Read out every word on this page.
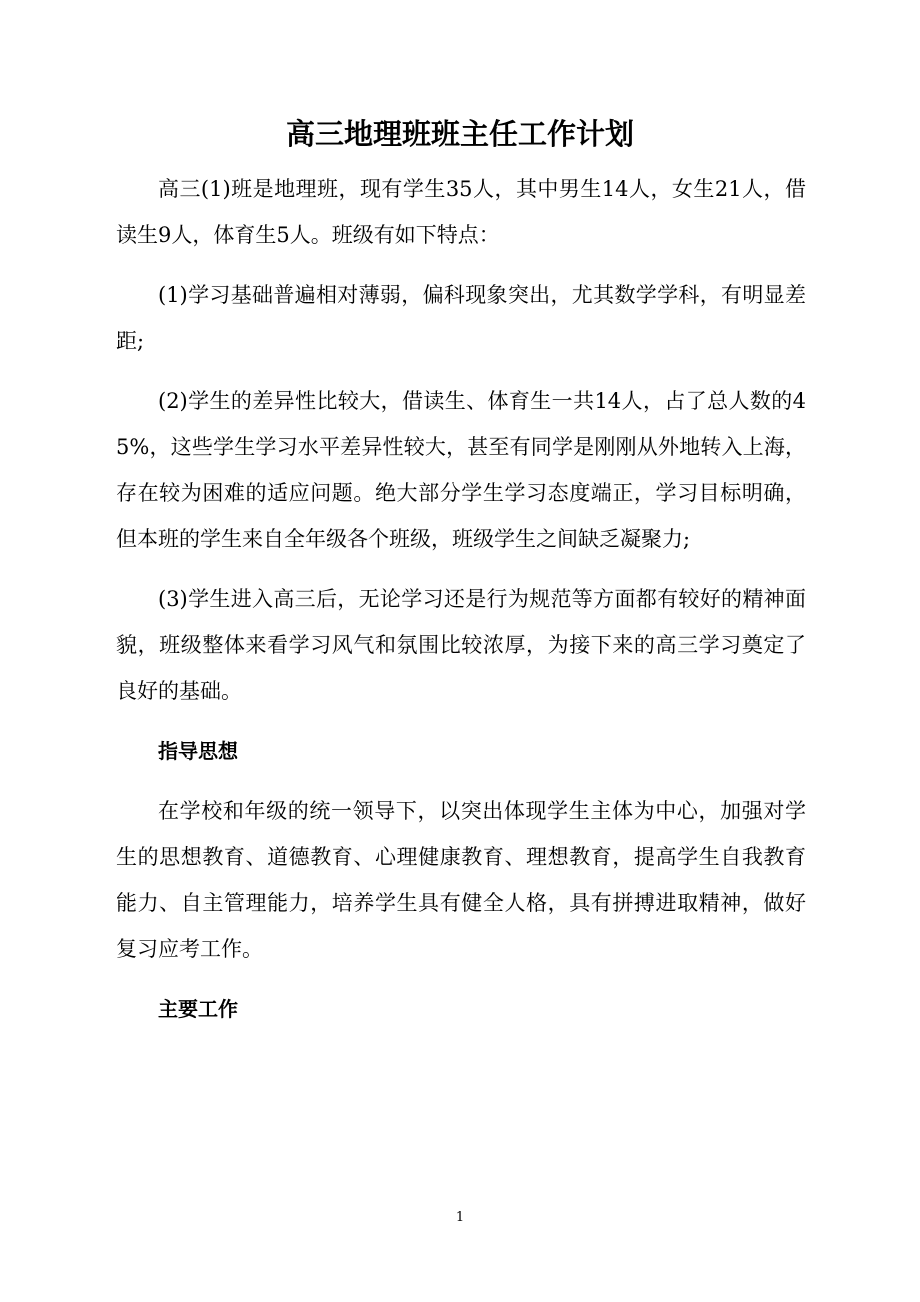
高三地理班班主任工作计划

高三(1)班是地理班，现有学生35人，其中男生14人，女生21人，借读生9人，体育生5人。班级有如下特点：

(1)学习基础普遍相对薄弱，偏科现象突出，尤其数学学科，有明显差距;

(2)学生的差异性比较大，借读生、体育生一共14人，占了总人数的45%，这些学生学习水平差异性较大，甚至有同学是刚刚从外地转入上海，存在较为困难的适应问题。绝大部分学生学习态度端正，学习目标明确，但本班的学生来自全年级各个班级，班级学生之间缺乏凝聚力;

(3)学生进入高三后，无论学习还是行为规范等方面都有较好的精神面貌，班级整体来看学习风气和氛围比较浓厚，为接下来的高三学习奠定了良好的基础。

指导思想

在学校和年级的统一领导下，以突出体现学生主体为中心，加强对学生的思想教育、道德教育、心理健康教育、理想教育，提高学生自我教育能力、自主管理能力，培养学生具有健全人格，具有拼搏进取精神，做好复习应考工作。

主要工作

1
